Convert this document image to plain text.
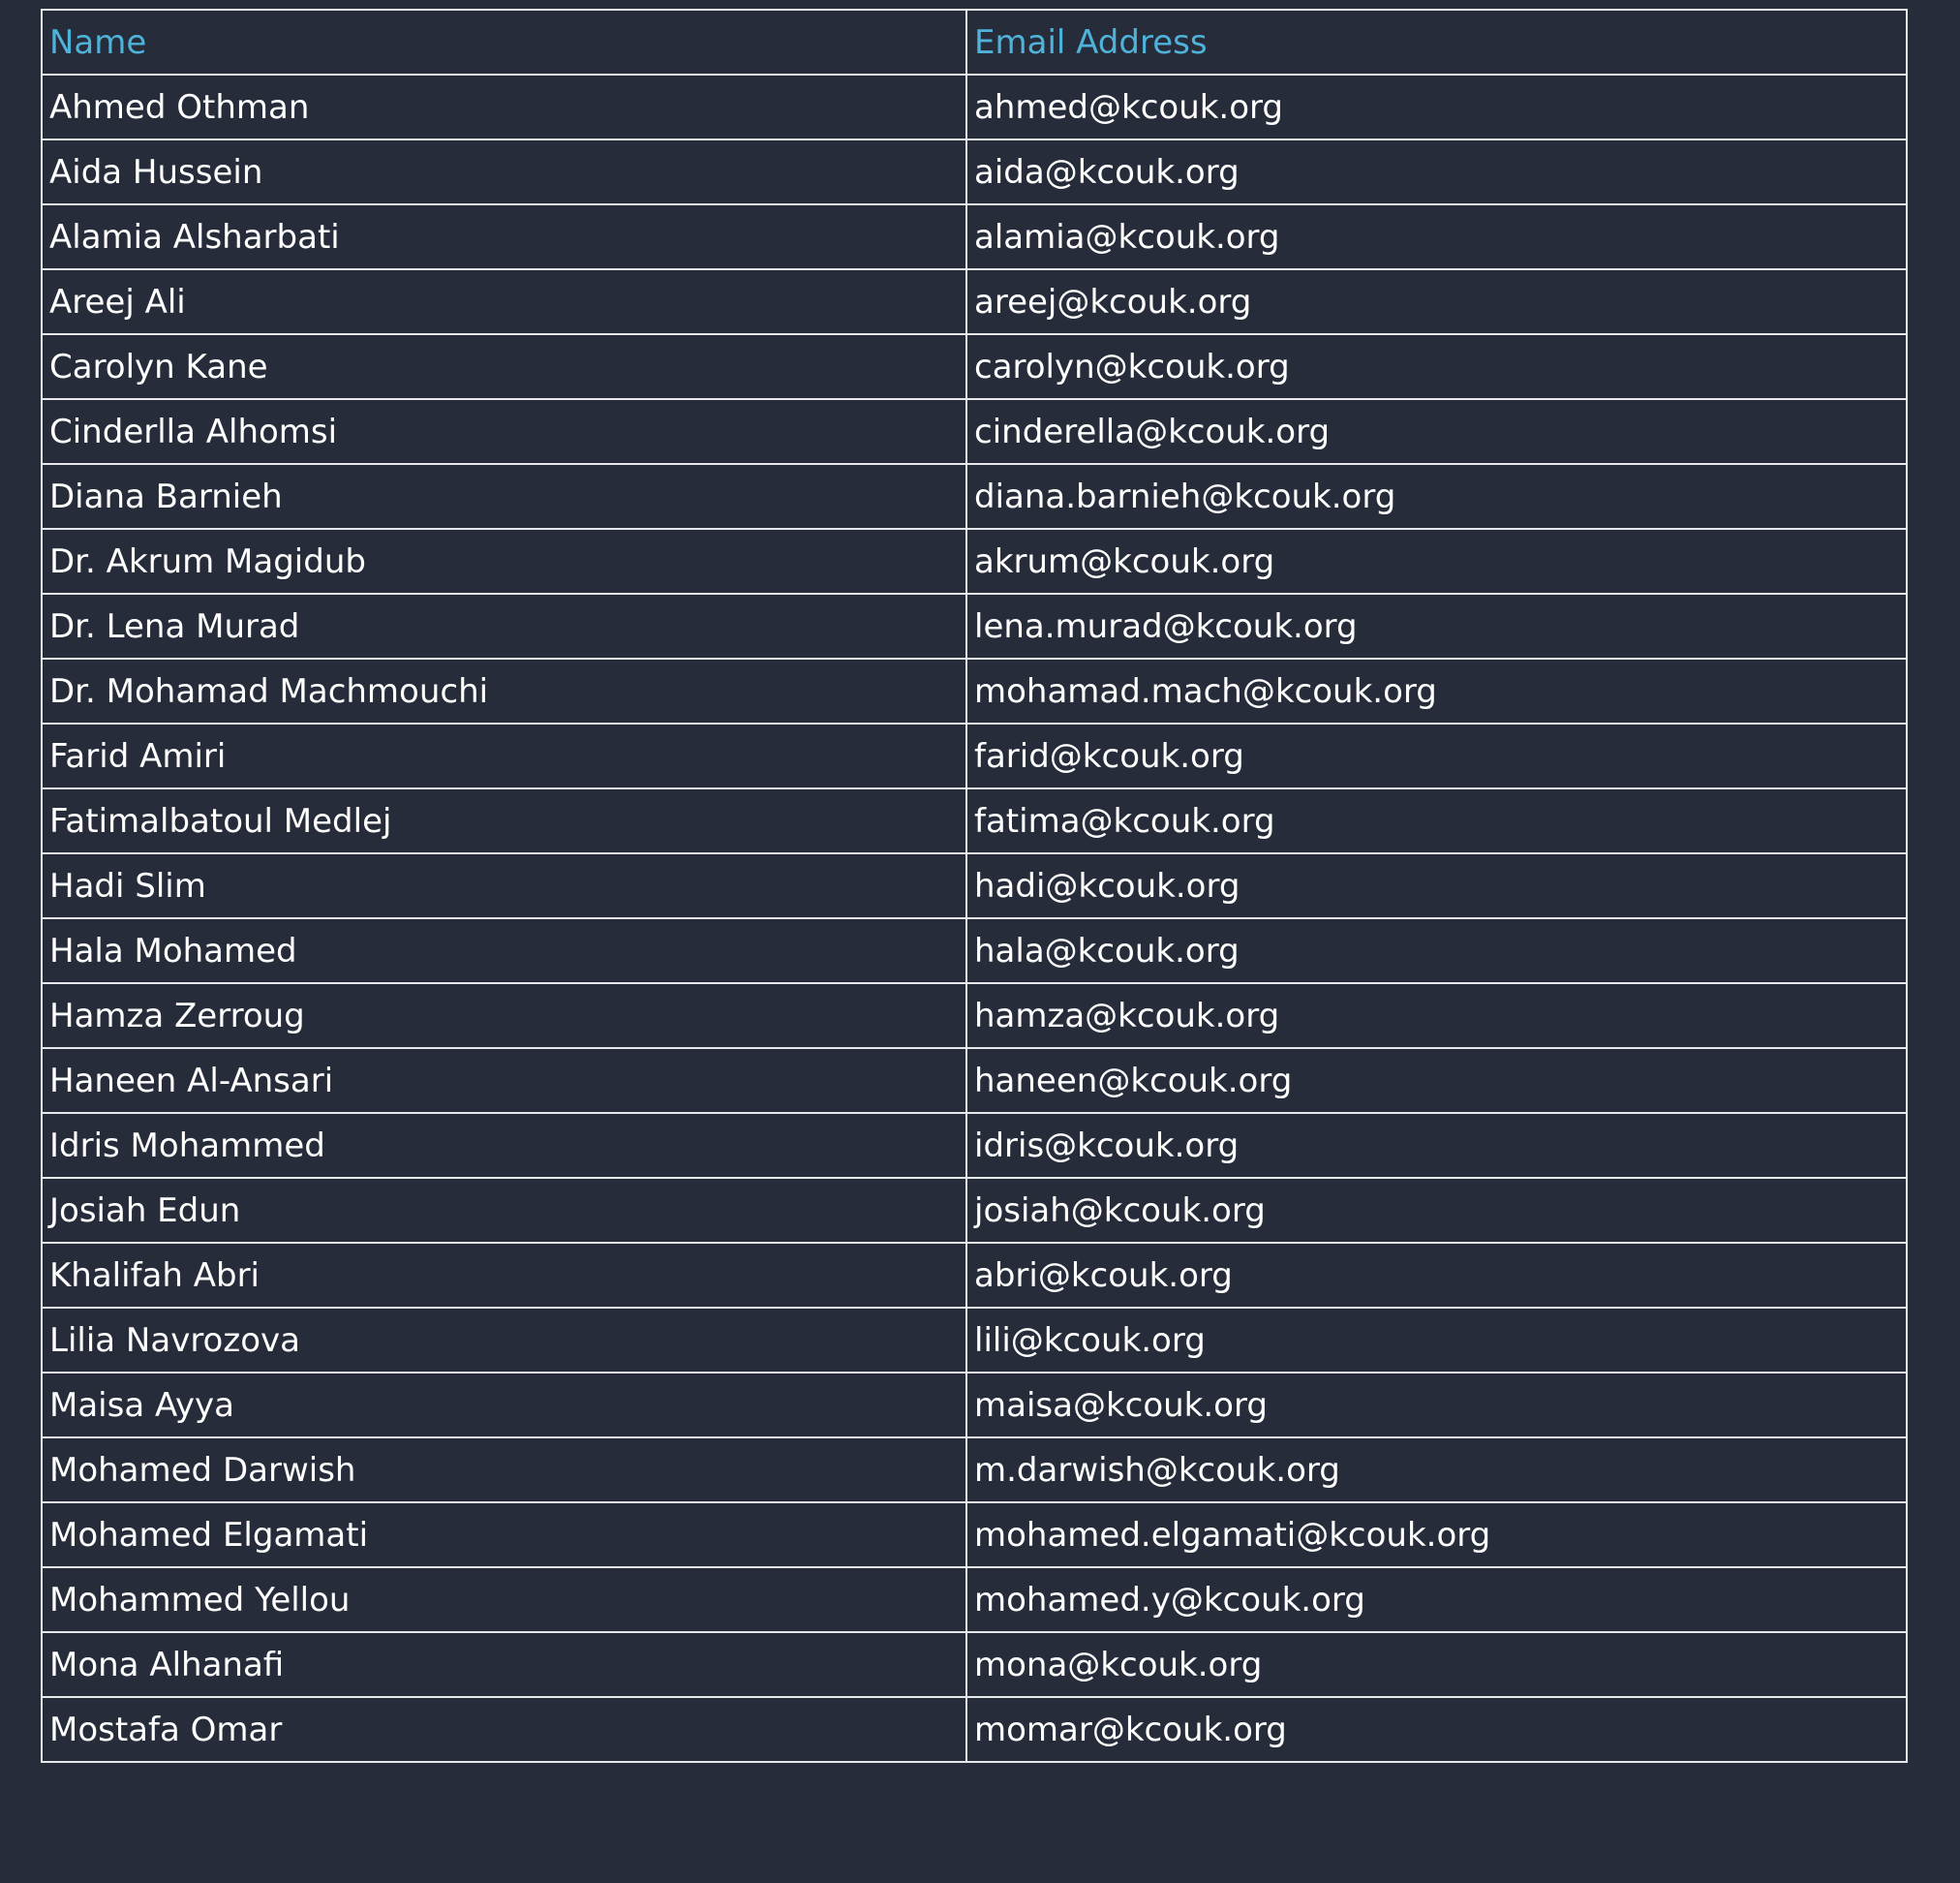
Name	Email Address
Ahmed Othman	ahmed@kcouk.org
Aida Hussein	aida@kcouk.org
Alamia Alsharbati	alamia@kcouk.org
Areej Ali	areej@kcouk.org
Carolyn Kane	carolyn@kcouk.org
Cinderlla Alhomsi	cinderella@kcouk.org
Diana Barnieh	diana.barnieh@kcouk.org
Dr. Akrum Magidub	akrum@kcouk.org
Dr. Lena Murad	lena.murad@kcouk.org
Dr. Mohamad Machmouchi	mohamad.mach@kcouk.org
Farid Amiri	farid@kcouk.org
Fatimalbatoul Medlej	fatima@kcouk.org
Hadi Slim	hadi@kcouk.org
Hala Mohamed	hala@kcouk.org
Hamza Zerroug	hamza@kcouk.org
Haneen Al-Ansari	haneen@kcouk.org
Idris Mohammed	idris@kcouk.org
Josiah Edun	josiah@kcouk.org
Khalifah Abri	abri@kcouk.org
Lilia Navrozova	lili@kcouk.org
Maisa Ayya	maisa@kcouk.org
Mohamed Darwish	m.darwish@kcouk.org
Mohamed Elgamati	mohamed.elgamati@kcouk.org
Mohammed Yellou	mohamed.y@kcouk.org
Mona Alhanafi	mona@kcouk.org
Mostafa Omar	momar@kcouk.org
